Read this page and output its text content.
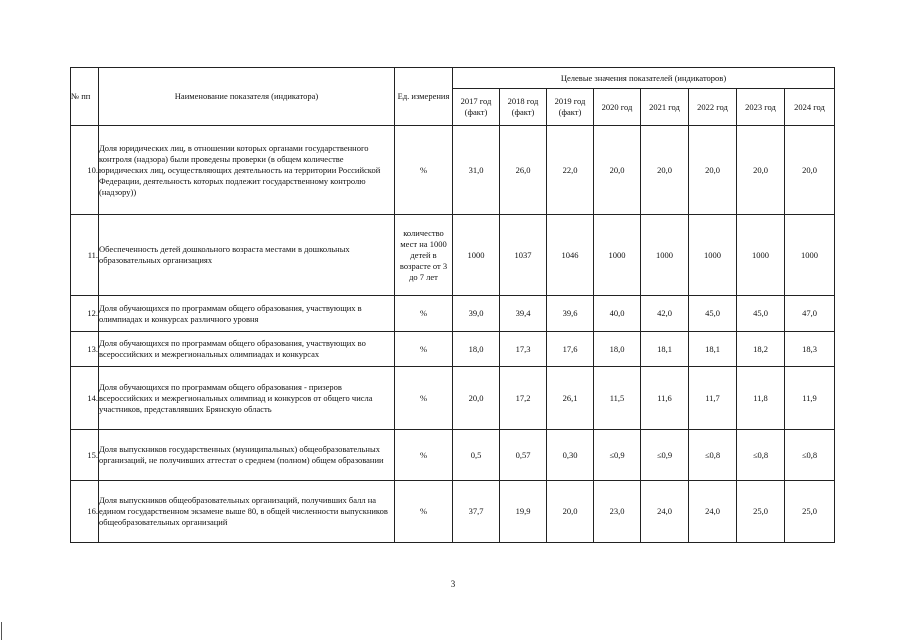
№ пп	Наименование показателя (индикатора)	Ед. измерения	Целевые значения показателей (индикаторов)							
			2017 год (факт)	2018 год (факт)	2019 год (факт)	2020 год	2021 год	2022 год	2023 год	2024 год
10.	Доля юридических лиц, в отношении которых органами государственного контроля (надзора) были проведены проверки (в общем количестве юридических лиц, осуществляющих деятельность на территории Российской Федерации, деятельность которых подлежит государственному контролю (надзору))	%	31,0	26,0	22,0	20,0	20,0	20,0	20,0	20,0
11.	Обеспеченность детей дошкольного возраста местами в дошкольных образовательных организациях	количество мест на 1000 детей в возрасте от 3 до 7 лет	1000	1037	1046	1000	1000	1000	1000	1000
12.	Доля обучающихся по программам общего образования, участвующих в олимпиадах и конкурсах различного уровня	%	39,0	39,4	39,6	40,0	42,0	45,0	45,0	47,0
13.	Доля обучающихся по программам общего образования, участвующих во всероссийских и межрегиональных олимпиадах и конкурсах	%	18,0	17,3	17,6	18,0	18,1	18,1	18,2	18,3
14.	Доля обучающихся по программам общего образования - призеров всероссийских и межрегиональных олимпиад и конкурсов от общего числа участников, представлявших Брянскую область	%	20,0	17,2	26,1	11,5	11,6	11,7	11,8	11,9
15.	Доля выпускников государственных (муниципальных) общеобразовательных организаций, не получивших аттестат о среднем (полном) общем образовании	%	0,5	0,57	0,30	≤0,9	≤0,9	≤0,8	≤0,8	≤0,8
16.	Доля выпускников общеобразовательных организаций, получивших балл на едином государственном экзамене выше 80, в общей численности выпускников общеобразовательных организаций	%	37,7	19,9	20,0	23,0	24,0	24,0	25,0	25,0
3
